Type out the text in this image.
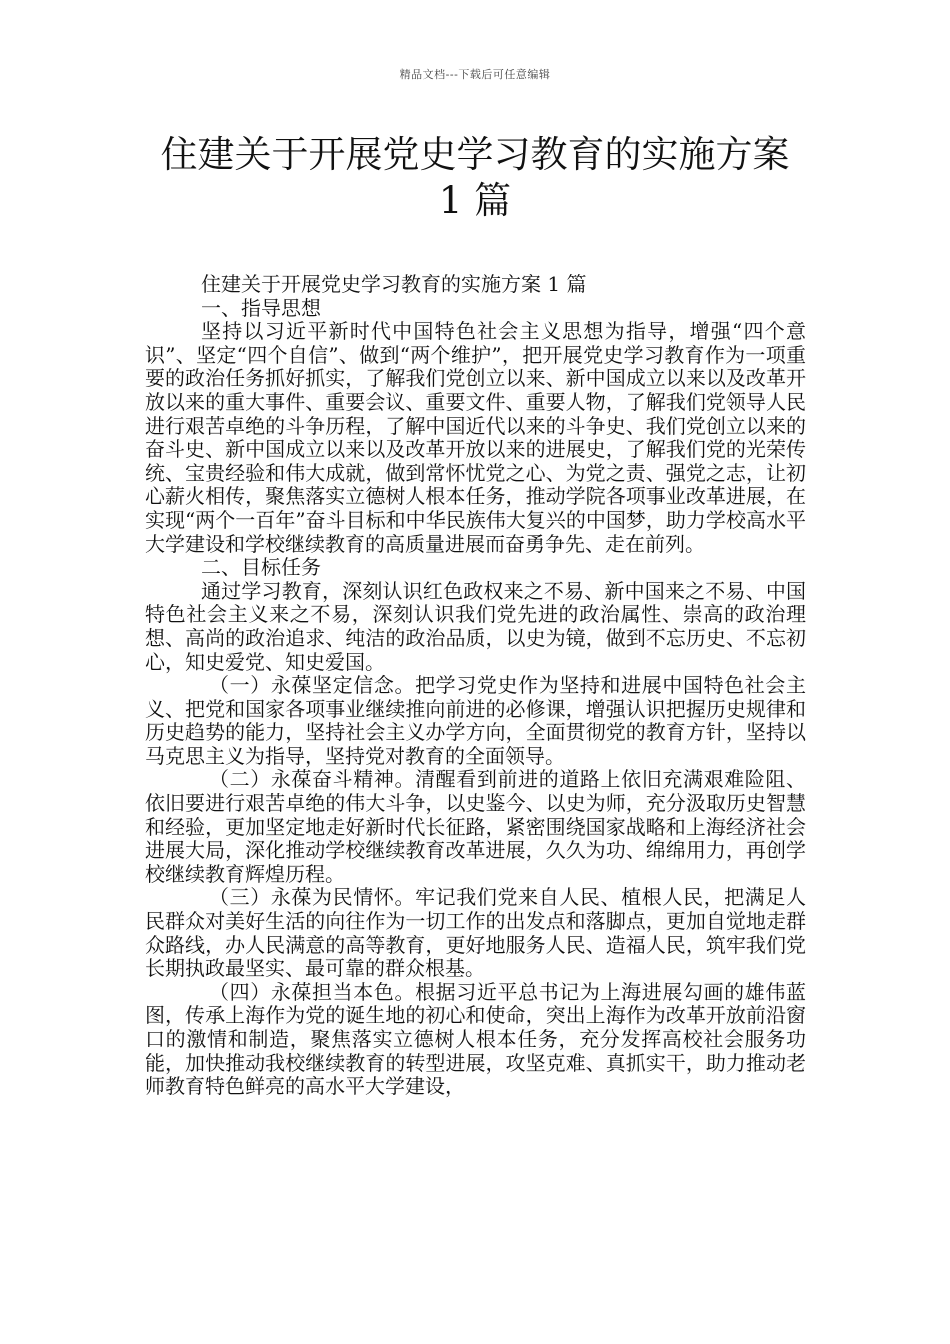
精品文档---下载后可任意编辑
住建关于开展党史学习教育的实施方案 1 篇

住建关于开展党史学习教育的实施方案 1 篇

一、指导思想

坚持以习近平新时代中国特色社会主义思想为指导，增强“四个意识”、坚定“四个自信”、做到“两个维护”，把开展党史学习教育作为一项重要的政治任务抓好抓实，了解我们党创立以来、新中国成立以来以及改革开放以来的重大事件、重要会议、重要文件、重要人物，了解我们党领导人民进行艰苦卓绝的斗争历程，了解中国近代以来的斗争史、我们党创立以来的奋斗史、新中国成立以来以及改革开放以来的进展史，了解我们党的光荣传统、宝贵经验和伟大成就，做到常怀忧党之心、为党之责、强党之志，让初心薪火相传，聚焦落实立德树人根本任务，推动学院各项事业改革进展，在实现“两个一百年”奋斗目标和中华民族伟大复兴的中国梦，助力学校高水平大学建设和学校继续教育的高质量进展而奋勇争先、走在前列。

二、目标任务

通过学习教育，深刻认识红色政权来之不易、新中国来之不易、中国特色社会主义来之不易，深刻认识我们党先进的政治属性、崇高的政治理想、高尚的政治追求、纯洁的政治品质，以史为镜，做到不忘历史、不忘初心，知史爱党、知史爱国。

（一）永葆坚定信念。把学习党史作为坚持和进展中国特色社会主义、把党和国家各项事业继续推向前进的必修课，增强认识把握历史规律和历史趋势的能力，坚持社会主义办学方向，全面贯彻党的教育方针，坚持以马克思主义为指导，坚持党对教育的全面领导。

（二）永葆奋斗精神。清醒看到前进的道路上依旧充满艰难险阻、依旧要进行艰苦卓绝的伟大斗争，以史鉴今、以史为师，充分汲取历史智慧和经验，更加坚定地走好新时代长征路，紧密围绕国家战略和上海经济社会进展大局，深化推动学校继续教育改革进展，久久为功、绵绵用力，再创学校继续教育辉煌历程。

（三）永葆为民情怀。牢记我们党来自人民、植根人民，把满足人民群众对美好生活的向往作为一切工作的出发点和落脚点，更加自觉地走群众路线，办人民满意的高等教育，更好地服务人民、造福人民，筑牢我们党长期执政最坚实、最可靠的群众根基。

（四）永葆担当本色。根据习近平总书记为上海进展勾画的雄伟蓝图，传承上海作为党的诞生地的初心和使命，突出上海作为改革开放前沿窗口的激情和制造，聚焦落实立德树人根本任务，充分发挥高校社会服务功能，加快推动我校继续教育的转型进展，攻坚克难、真抓实干，助力推动老师教育特色鲜亮的高水平大学建设，
